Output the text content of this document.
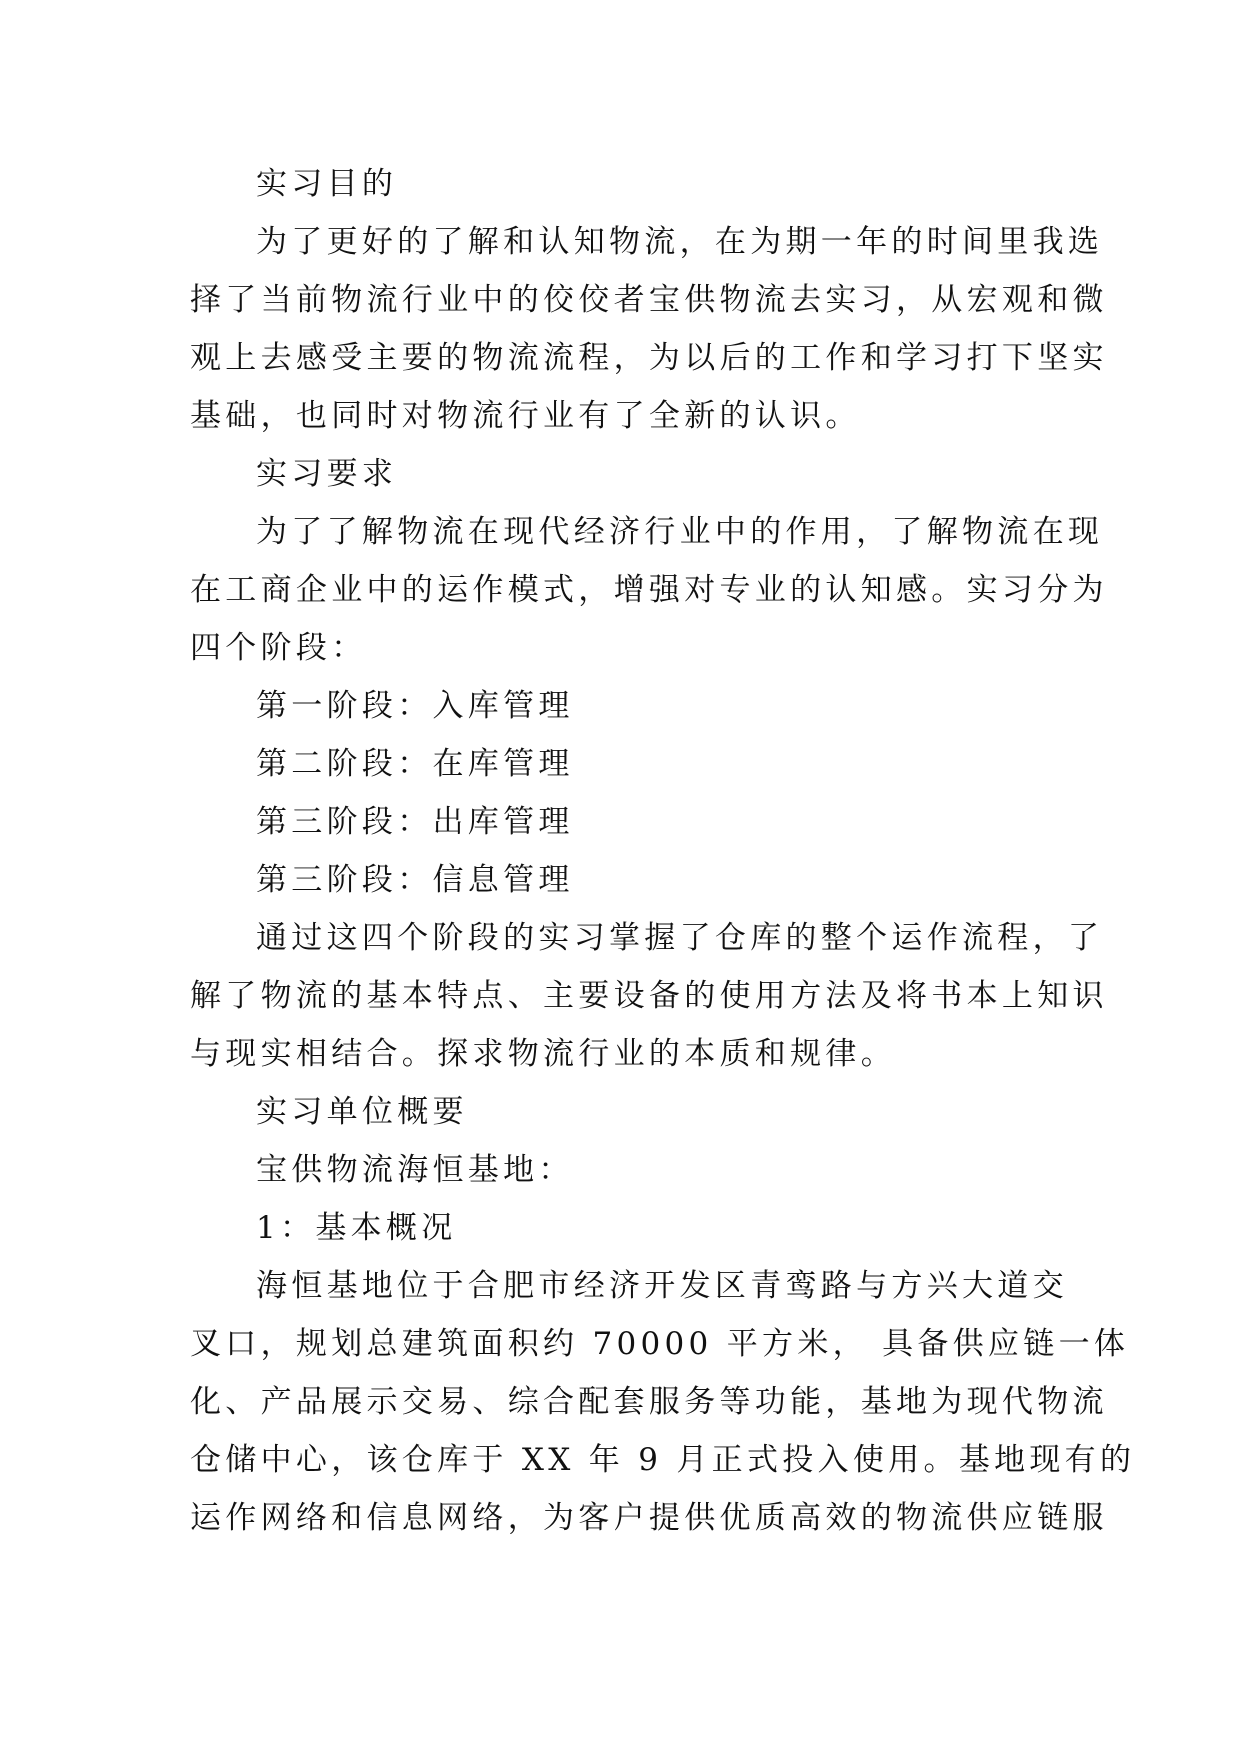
实习目的

为了更好的了解和认知物流，在为期一年的时间里我选

择了当前物流行业中的佼佼者宝供物流去实习，从宏观和微

观上去感受主要的物流流程，为以后的工作和学习打下坚实

基础，也同时对物流行业有了全新的认识。

实习要求

为了了解物流在现代经济行业中的作用，了解物流在现

在工商企业中的运作模式，增强对专业的认知感。实习分为

四个阶段：

第一阶段：入库管理

第二阶段：在库管理

第三阶段：出库管理

第三阶段：信息管理

通过这四个阶段的实习掌握了仓库的整个运作流程，了

解了物流的基本特点、主要设备的使用方法及将书本上知识

与现实相结合。探求物流行业的本质和规律。

实习单位概要

宝供物流海恒基地：

1：基本概况

海恒基地位于合肥市经济开发区青鸾路与方兴大道交

叉口，规划总建筑面积约 70000 平方米， 具备供应链一体

化、产品展示交易、综合配套服务等功能，基地为现代物流

仓储中心，该仓库于 XX 年 9 月正式投入使用。基地现有的

运作网络和信息网络，为客户提供优质高效的物流供应链服
